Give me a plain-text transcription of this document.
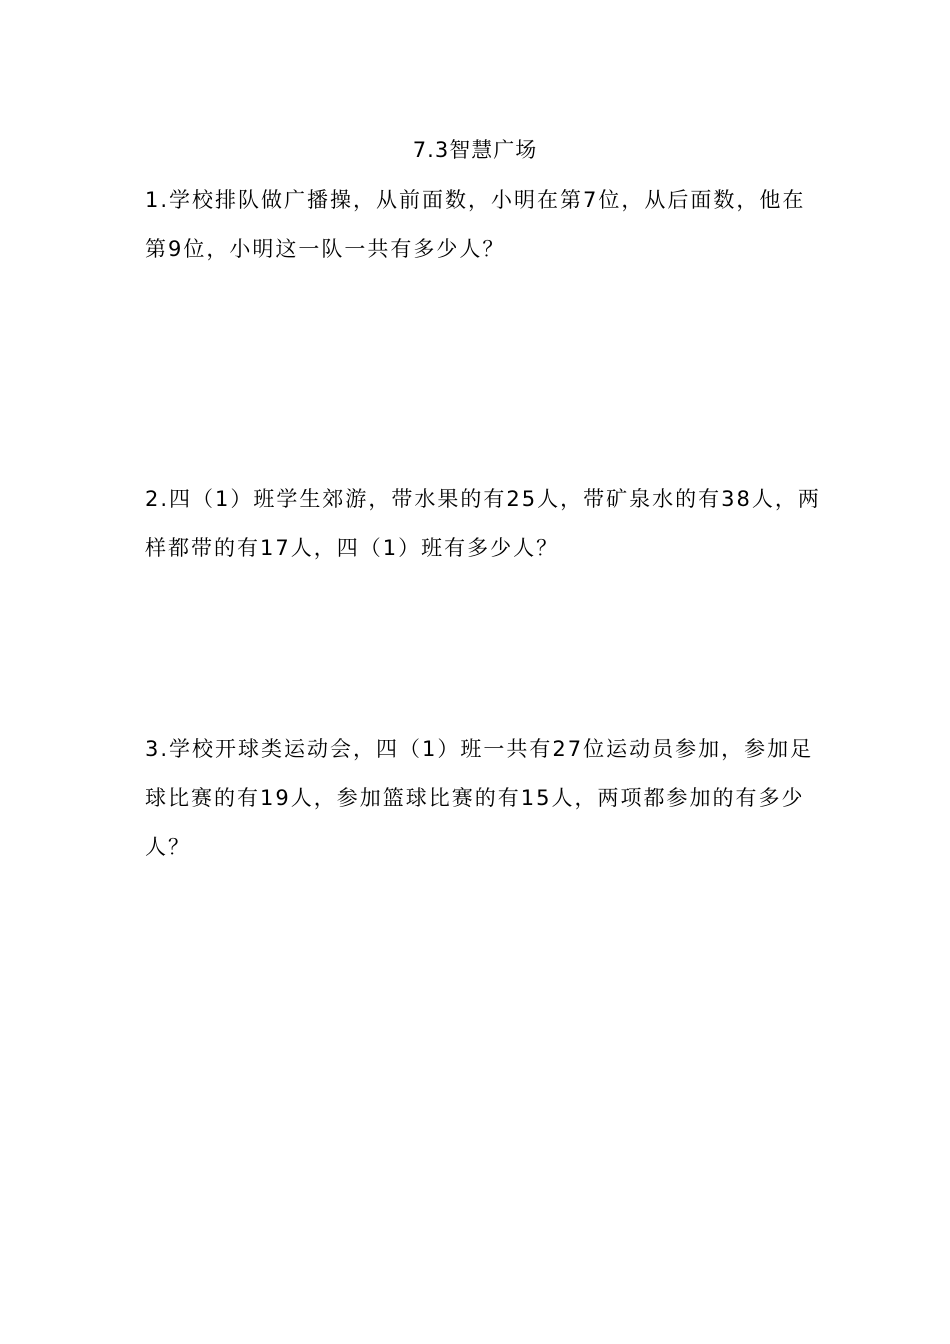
7.3智慧广场
1.学校排队做广播操，从前面数，小明在第7位，从后面数，他在
第9位，小明这一队一共有多少人？
2.四（1）班学生郊游，带水果的有25人，带矿泉水的有38人，两
样都带的有17人，四（1）班有多少人？
3.学校开球类运动会，四（1）班一共有27位运动员参加，参加足
球比赛的有19人，参加篮球比赛的有15人，两项都参加的有多少
人？
